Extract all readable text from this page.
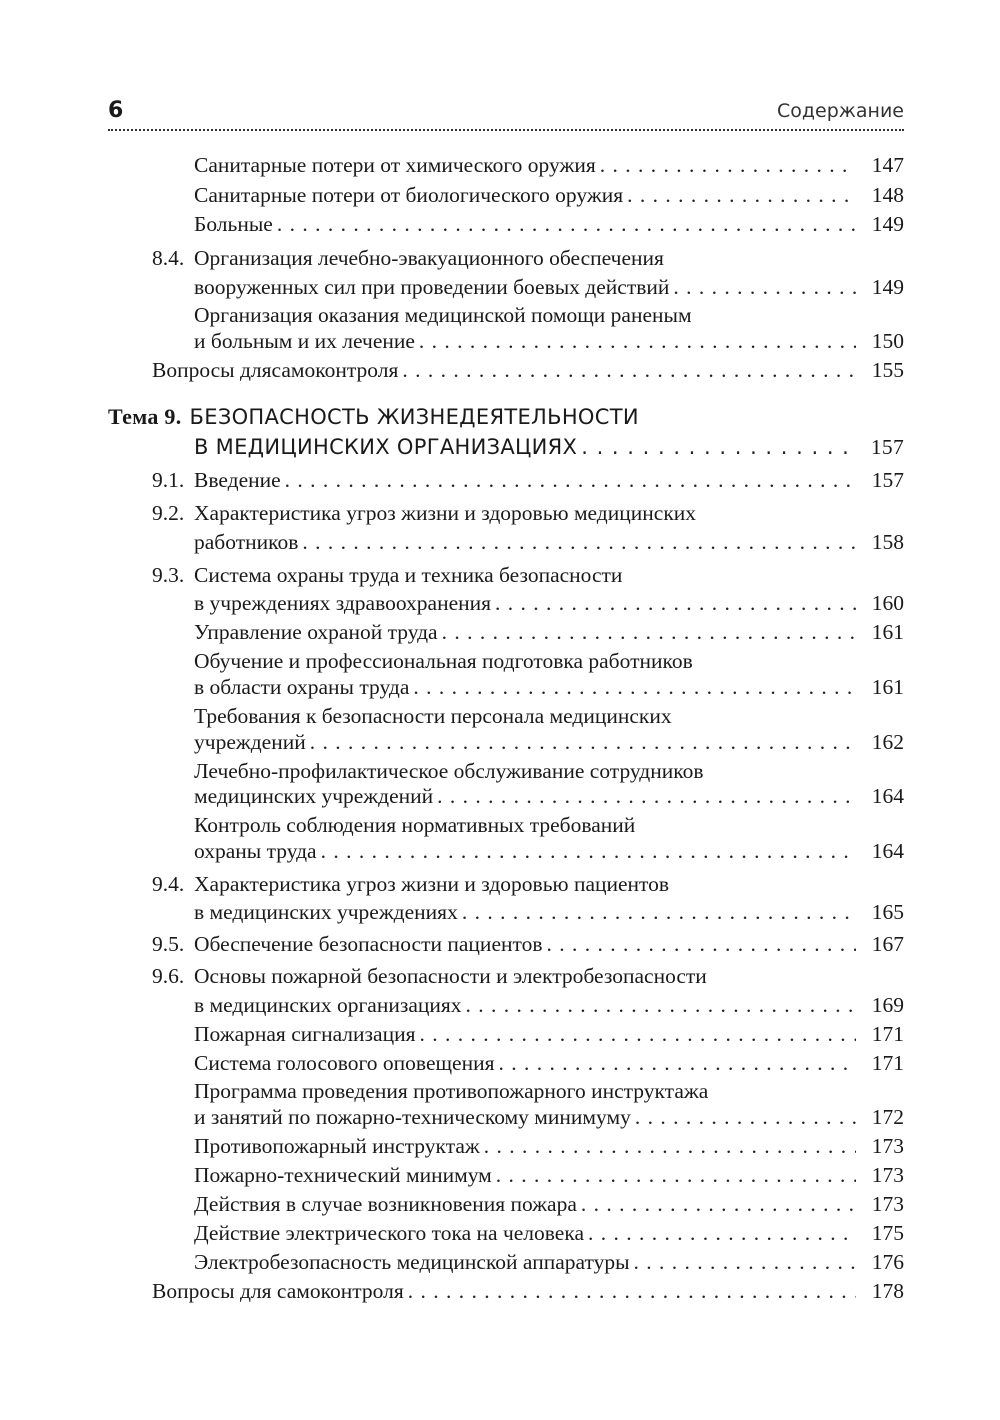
6	Содержание
Санитарные потери от химического оружия . . .	147
Санитарные потери от биологического оружия . . .	148
Больные . . .	149
8.4. Организация лечебно-эвакуационного обеспечения
вооруженных сил при проведении боевых действий . . .	149
Организация оказания медицинской помощи раненым
и больным и их лечение . . .	150
Вопросы длясамоконтроля . . .	155
Тема 9. БЕЗОПАСНОСТЬ ЖИЗНЕДЕЯТЕЛЬНОСТИ
В МЕДИЦИНСКИХ ОРГАНИЗАЦИЯХ . . .	157
9.1. Введение . . .	157
9.2. Характеристика угроз жизни и здоровью медицинских
работников . . .	158
9.3. Система охраны труда и техника безопасности
в учреждениях здравоохранения . . .	160
Управление охраной труда . . .	161
Обучение и профессиональная подготовка работников
в области охраны труда . . .	161
Требования к безопасности персонала медицинских
учреждений . . .	162
Лечебно-профилактическое обслуживание сотрудников
медицинских учреждений . . .	164
Контроль соблюдения нормативных требований
охраны труда . . .	164
9.4. Характеристика угроз жизни и здоровью пациентов
в медицинских учреждениях . . .	165
9.5. Обеспечение безопасности пациентов . . .	167
9.6. Основы пожарной безопасности и электробезопасности
в медицинских организациях . . .	169
Пожарная сигнализация . . .	171
Система голосового оповещения . . .	171
Программа проведения противопожарного инструктажа
и занятий по пожарно-техническому минимуму . . .	172
Противопожарный инструктаж . . .	173
Пожарно-технический минимум . . .	173
Действия в случае возникновения пожара . . .	173
Действие электрического тока на человека . . .	175
Электробезопасность медицинской аппаратуры . . .	176
Вопросы для самоконтроля . . .	178
